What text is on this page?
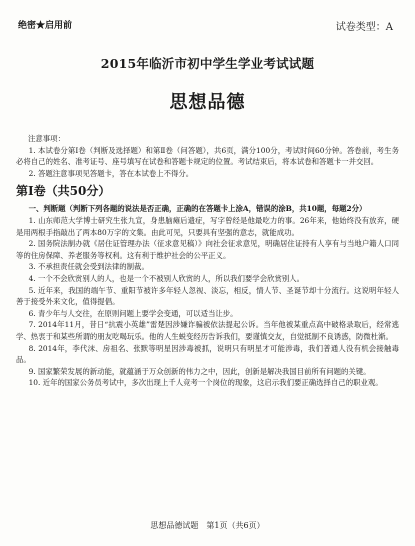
绝密★启用前	试卷类型：A
2015年临沂市初中学生学业考试试题
思想品德

注意事项：

1. 本试卷分第Ⅰ卷（判断及选择题）和第Ⅱ卷（问答题），共6页，满分100分，考试时间60分钟。答卷前，考生务必将自己的姓名、准考证号、座号填写在试卷和答题卡规定的位置。考试结束后，将本试卷和答题卡一并交回。

2. 答题注意事项见答题卡，答在本试卷上不得分。

第Ⅰ卷（共50分）

一、判断题（判断下列各题的说法是否正确，正确的在答题卡上涂A，错误的涂B，共10题，每题2分）

1. 山东师范大学博士研究生张九宣，身患脑瘫后遗症，写字曾经是他最吃力的事。26年来，他始终没有放弃，硬是用两根手指敲出了两本80万字的文集。由此可见，只要具有坚强的意志，就能成功。

2. 国务院法制办就《居住证管理办法（征求意见稿）》向社会征求意见，明确居住证持有人享有与当地户籍人口同等的住房保障、养老服务等权利。这有利于维护社会的公平正义。

3. 不承担责任就会受到法律的制裁。

4. 一个不会欣赏别人的人，也是一个不被别人欣赏的人，所以我们要学会欣赏别人。

5. 近年来，我国的端午节、重阳节被许多年轻人忽视、淡忘，相反，情人节、圣诞节却十分流行。这说明年轻人善于接受外来文化，值得提倡。

6. 青少年与人交往，在原则问题上要学会变通，可以适当让步。

7. 2014年11月，昔日“抗震小英雄”雷楚因涉嫌诈骗被依法提起公诉。当年他被某重点高中破格录取后，经常逃学、热衷于和某些所谓的朋友吃喝玩乐。他的人生蜕变经历告诉我们，要谨慎交友，自觉抵制不良诱惑，防微杜渐。

8. 2014年，李代沫、房祖名、张默等明星因涉毒被抓，说明只有明星才可能涉毒，我们普通人没有机会接触毒品。

9. 国家繁荣发展的新动能，就蕴涵于万众创新的伟力之中，因此，创新是解决我国目前所有问题的关键。

10. 近年的国家公务员考试中，多次出现上千人竞考一个岗位的现象，这启示我们要正确选择自己的职业观。

思想品德试题　第1页（共6页）
